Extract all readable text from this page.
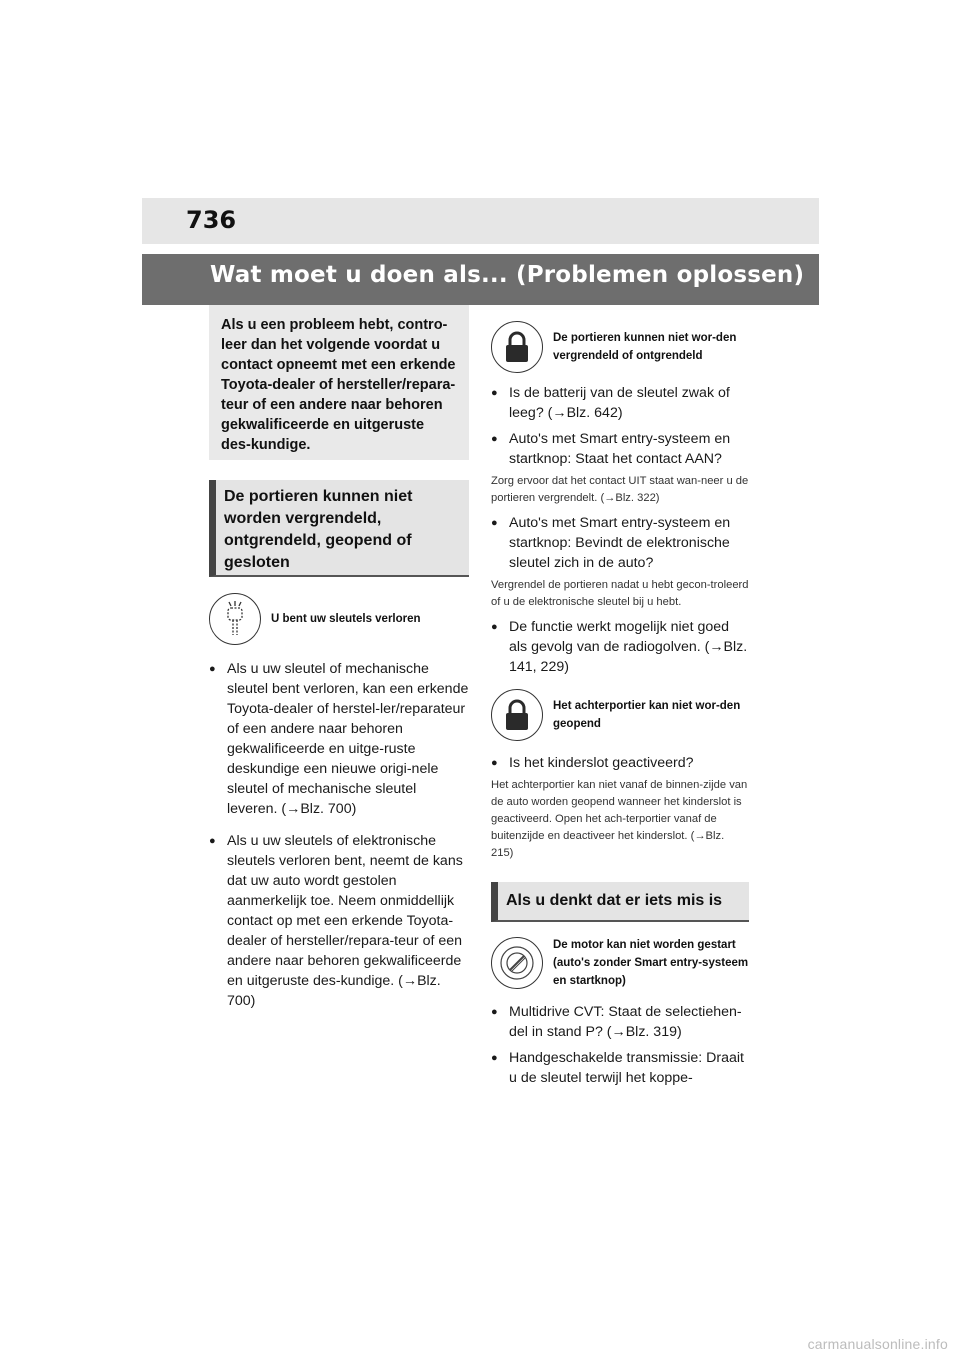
736
Wat moet u doen als... (Problemen oplossen)
Als u een probleem hebt, contro-leer dan het volgende voordat u contact opneemt met een erkende Toyota-dealer of hersteller/repara-teur of een andere naar behoren gekwalificeerde en uitgeruste des-kundige.
De portieren kunnen niet worden vergrendeld, ontgrendeld, geopend of gesloten
U bent uw sleutels verloren
● Als u uw sleutel of mechanische sleutel bent verloren, kan een erkende Toyota-dealer of herstel-ler/reparateur of een andere naar behoren gekwalificeerde en uitge-ruste deskundige een nieuwe origi-nele sleutel of mechanische sleutel leveren. (→Blz. 700)
● Als u uw sleutels of elektronische sleutels verloren bent, neemt de kans dat uw auto wordt gestolen aanmerkelijk toe. Neem onmiddellijk contact op met een erkende Toyota-dealer of hersteller/repara-teur of een andere naar behoren gekwalificeerde en uitgeruste des-kundige. (→Blz. 700)
De portieren kunnen niet wor-den vergrendeld of ontgrendeld
● Is de batterij van de sleutel zwak of leeg? (→Blz. 642)
● Auto's met Smart entry-systeem en startknop: Staat het contact AAN?
Zorg ervoor dat het contact UIT staat wan-neer u de portieren vergrendelt. (→Blz. 322)
● Auto's met Smart entry-systeem en startknop: Bevindt de elektronische sleutel zich in de auto?
Vergrendel de portieren nadat u hebt gecon-troleerd of u de elektronische sleutel bij u hebt.
● De functie werkt mogelijk niet goed als gevolg van de radiogolven. (→Blz. 141, 229)
Het achterportier kan niet wor-den geopend
● Is het kinderslot geactiveerd?
Het achterportier kan niet vanaf de binnen-zijde van de auto worden geopend wanneer het kinderslot is geactiveerd. Open het ach-terportier vanaf de buitenzijde en deactiveer het kinderslot. (→Blz. 215)
Als u denkt dat er iets mis is
De motor kan niet worden gestart (auto's zonder Smart entry-systeem en startknop)
● Multidrive CVT: Staat de selectiehen-del in stand P? (→Blz. 319)
● Handgeschakelde transmissie: Draait u de sleutel terwijl het koppe-
carmanualsonline.info
